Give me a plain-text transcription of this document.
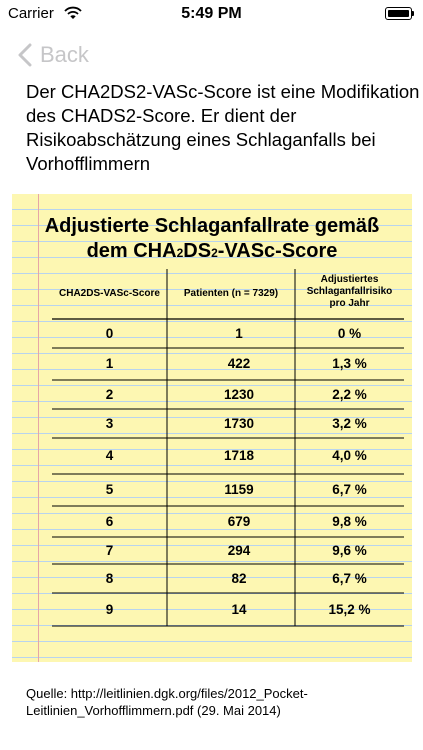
Carrier	5:49 PM
Back
Der CHA2DS2-VASc-Score ist eine Modifikation des CHADS2-Score. Er dient der Risikoabschätzung eines Schlaganfalls bei Vorhofflimmern
Adjustierte Schlaganfallrate gemäß
dem CHA2DS2-VASc-Score
CHA2DS-VASc-Score	Patienten (n = 7329)
Adjustiertes
Schlaganfallrisiko
pro Jahr
0	1	0 %
1	422	1,3 %
2	1230	2,2 %
3	1730	3,2 %
4	1718	4,0 %
5	1159	6,7 %
6	679	9,8 %
7	294	9,6 %
8	82	6,7 %
9	14	15,2 %
Quelle: http://leitlinien.dgk.org/files/2012_Pocket-Leitlinien_Vorhofflimmern.pdf (29. Mai 2014)
